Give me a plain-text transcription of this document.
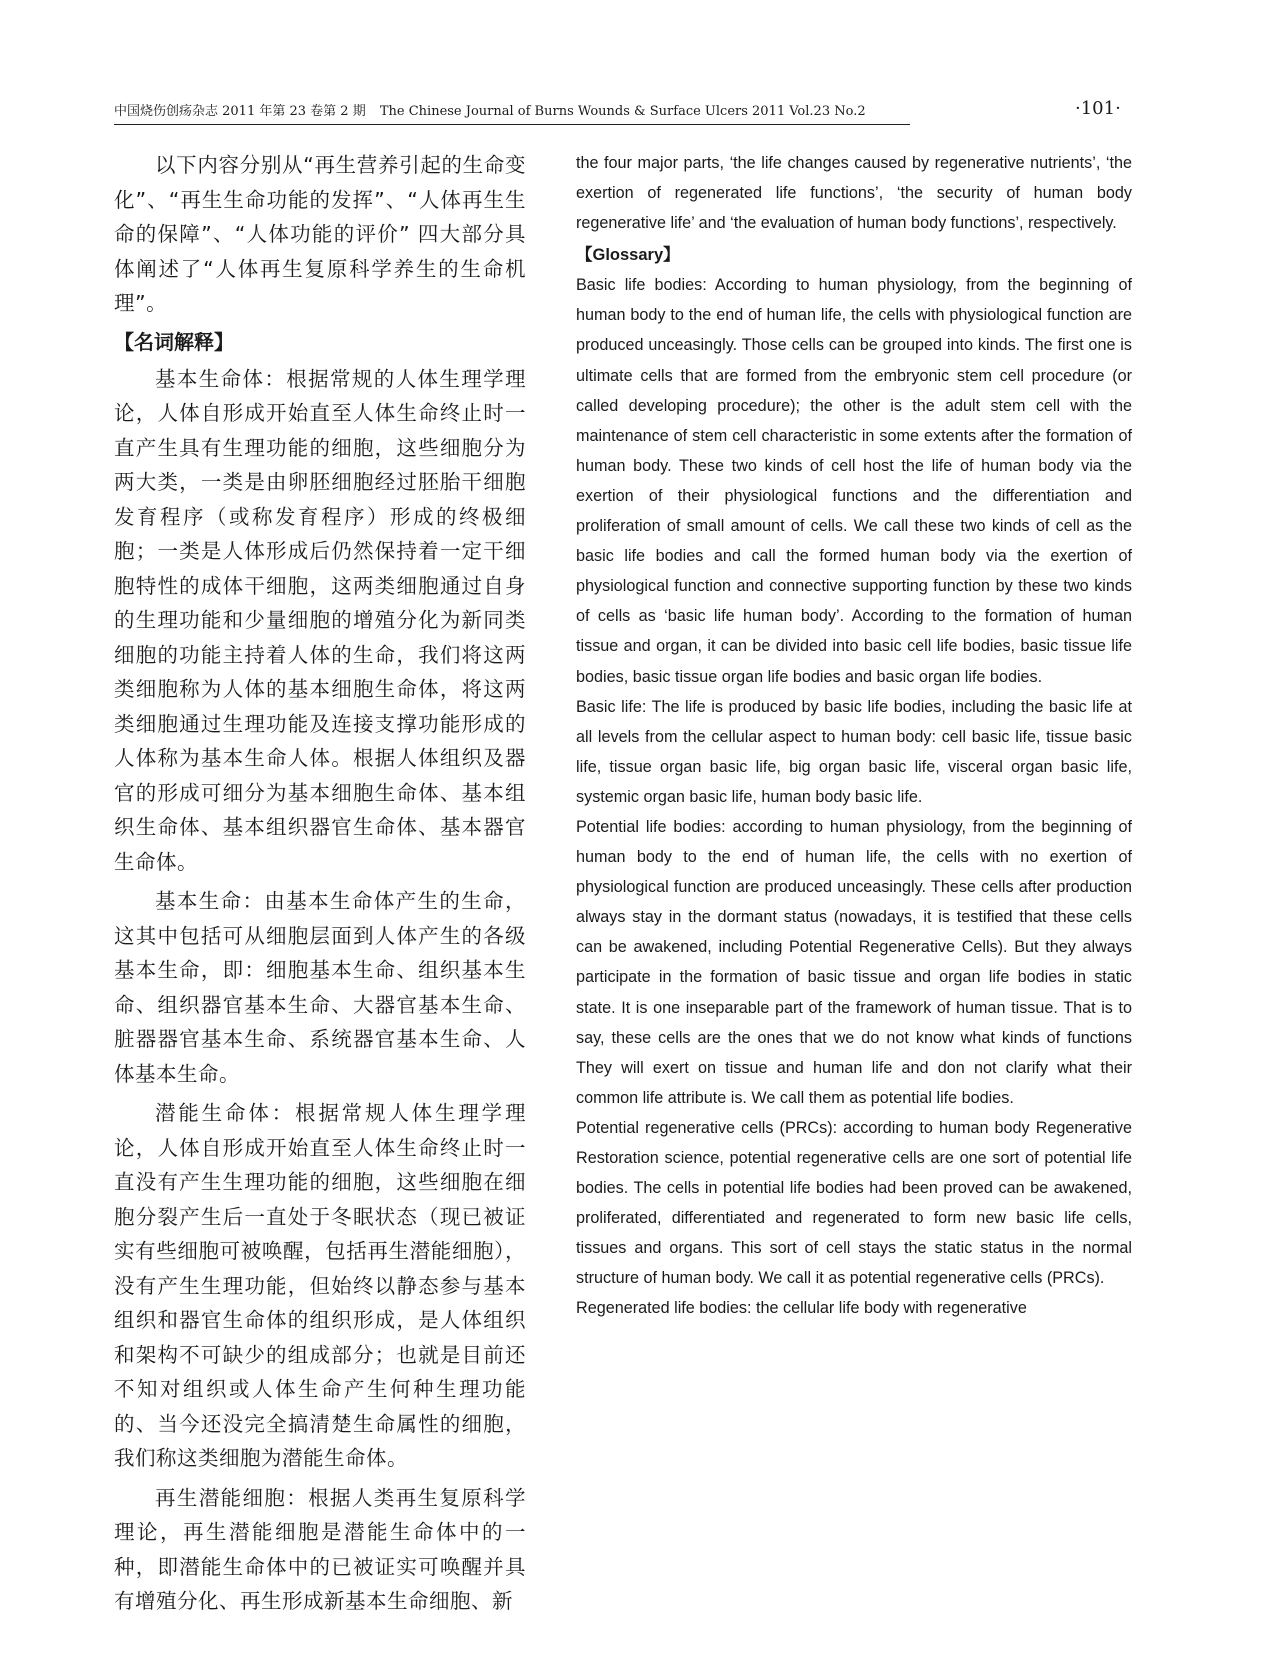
中国烧伤创疡杂志 2011 年第 23 卷第 2 期 The Chinese Journal of Burns Wounds & Surface Ulcers 2011 Vol.23 No.2	·101·

以下内容分别从“再生营养引起的生命变化”、“再生生命功能的发挥”、“人体再生生命的保障”、“人体功能的评价” 四大部分具体阐述了“人体再生复原科学养生的生命机理”。

【名词解释】

基本生命体：根据常规的人体生理学理论，人体自形成开始直至人体生命终止时一直产生具有生理功能的细胞，这些细胞分为两大类，一类是由卵胚细胞经过胚胎干细胞发育程序（或称发育程序）形成的终极细胞；一类是人体形成后仍然保持着一定干细胞特性的成体干细胞，这两类细胞通过自身的生理功能和少量细胞的增殖分化为新同类细胞的功能主持着人体的生命，我们将这两类细胞称为人体的基本细胞生命体，将这两类细胞通过生理功能及连接支撑功能形成的人体称为基本生命人体。根据人体组织及器官的形成可细分为基本细胞生命体、基本组织生命体、基本组织器官生命体、基本器官生命体。

基本生命：由基本生命体产生的生命，这其中包括可从细胞层面到人体产生的各级基本生命，即：细胞基本生命、组织基本生命、组织器官基本生命、大器官基本生命、脏器器官基本生命、系统器官基本生命、人体基本生命。

潜能生命体：根据常规人体生理学理论，人体自形成开始直至人体生命终止时一直没有产生生理功能的细胞，这些细胞在细胞分裂产生后一直处于冬眠状态（现已被证实有些细胞可被唤醒，包括再生潜能细胞），没有产生生理功能，但始终以静态参与基本组织和器官生命体的组织形成，是人体组织和架构不可缺少的组成部分；也就是目前还不知对组织或人体生命产生何种生理功能的、当今还没完全搞清楚生命属性的细胞，我们称这类细胞为潜能生命体。

再生潜能细胞：根据人类再生复原科学理论，再生潜能细胞是潜能生命体中的一种，即潜能生命体中的已被证实可唤醒并具有增殖分化、再生形成新基本生命细胞、新

the four major parts, ‘the life changes caused by regenerative nutrients’, ‘the exertion of regenerated life functions’, ‘the security of human body regenerative life’ and ‘the evaluation of human body functions’, respectively.

【Glossary】

Basic life bodies: According to human physiology, from the beginning of human body to the end of human life, the cells with physiological function are produced unceasingly. Those cells can be grouped into kinds. The first one is ultimate cells that are formed from the embryonic stem cell procedure (or called developing procedure); the other is the adult stem cell with the maintenance of stem cell characteristic in some extents after the formation of human body. These two kinds of cell host the life of human body via the exertion of their physiological functions and the differentiation and proliferation of small amount of cells. We call these two kinds of cell as the basic life bodies and call the formed human body via the exertion of physiological function and connective supporting function by these two kinds of cells as ‘basic life human body’. According to the formation of human tissue and organ, it can be divided into basic cell life bodies, basic tissue life bodies, basic tissue organ life bodies and basic organ life bodies.

Basic life: The life is produced by basic life bodies, including the basic life at all levels from the cellular aspect to human body: cell basic life, tissue basic life, tissue organ basic life, big organ basic life, visceral organ basic life, systemic organ basic life, human body basic life.

Potential life bodies: according to human physiology, from the beginning of human body to the end of human life, the cells with no exertion of physiological function are produced unceasingly. These cells after production always stay in the dormant status (nowadays, it is testified that these cells can be awakened, including Potential Regenerative Cells). But they always participate in the formation of basic tissue and organ life bodies in static state. It is one inseparable part of the framework of human tissue. That is to say, these cells are the ones that we do not know what kinds of functions They will exert on tissue and human life and don not clarify what their common life attribute is. We call them as potential life bodies.

Potential regenerative cells (PRCs): according to human body Regenerative Restoration science, potential regenerative cells are one sort of potential life bodies. The cells in potential life bodies had been proved can be awakened, proliferated, differentiated and regenerated to form new basic life cells, tissues and organs. This sort of cell stays the static status in the normal structure of human body. We call it as potential regenerative cells (PRCs).

Regenerated life bodies: the cellular life body with regenerative
